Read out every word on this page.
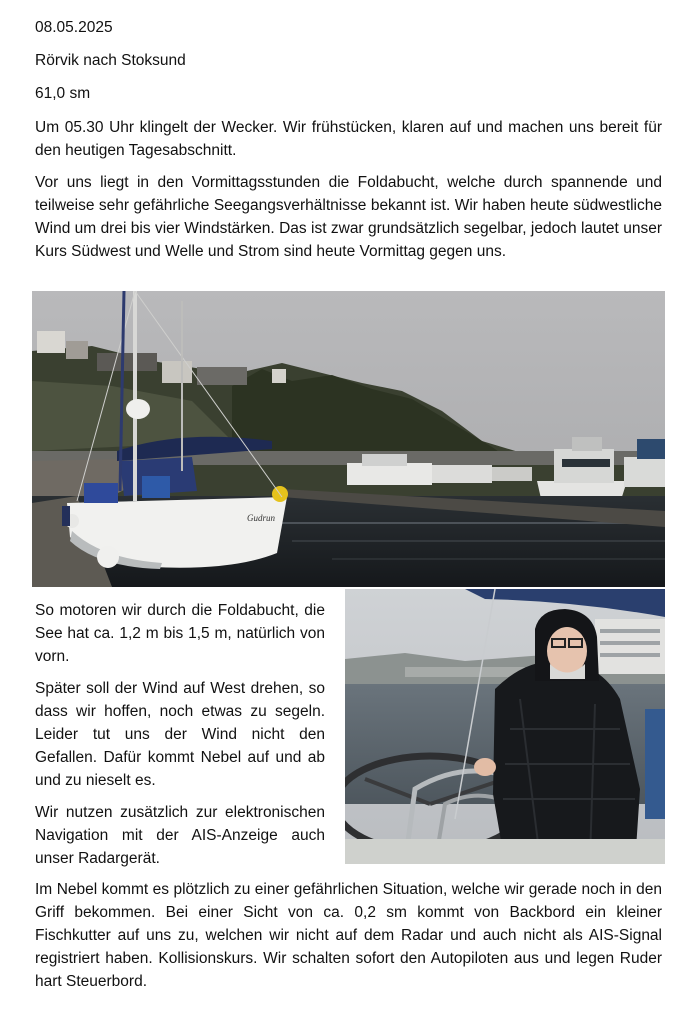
08.05.2025

Rörvik nach Stoksund

61,0 sm

Um 05.30 Uhr klingelt der Wecker. Wir frühstücken, klaren auf und machen uns bereit für den heutigen Tagesabschnitt.

Vor uns liegt in den Vormittagsstunden die Foldabucht, welche durch spannende und teilweise sehr gefährliche Seegangsverhältnisse bekannt ist. Wir haben heute südwestliche Wind um drei bis vier Windstärken. Das ist zwar grundsätzlich segelbar, jedoch lautet unser Kurs Südwest und Welle und Strom sind heute Vormittag gegen uns.

Gudrun

So motoren wir durch die Foldabucht, die See hat ca. 1,2 m bis 1,5 m, natürlich von vorn.

Später soll der Wind auf West drehen, so dass wir hoffen, noch etwas zu segeln. Leider tut uns der Wind nicht den Gefallen. Dafür kommt Nebel auf und ab und zu nieselt es.

Wir nutzen zusätzlich zur elektronischen Navigation mit der AIS-Anzeige auch unser Radargerät.

Im Nebel kommt es plötzlich zu einer gefährlichen Situation, welche wir gerade noch in den Griff bekommen. Bei einer Sicht von ca. 0,2 sm kommt von Backbord ein kleiner Fischkutter auf uns zu, welchen wir nicht auf dem Radar und auch nicht als AIS-Signal registriert haben. Kollisionskurs. Wir schalten sofort den Autopiloten aus und legen Ruder hart Steuerbord.
